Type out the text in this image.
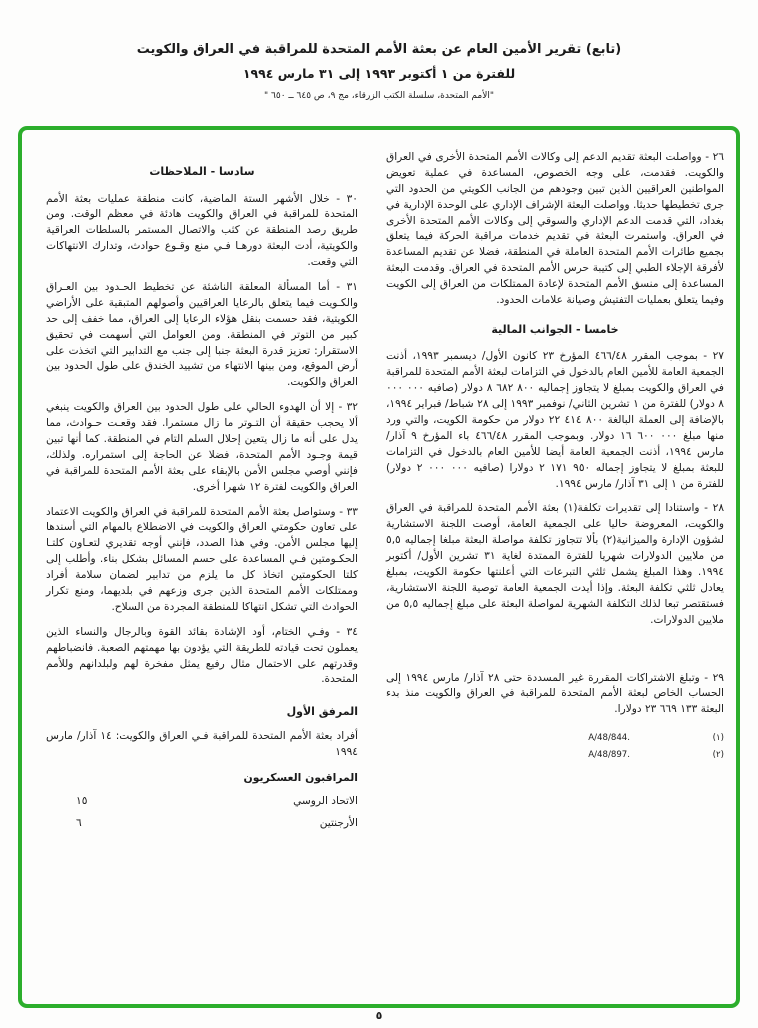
(تابع) تقرير الأمين العام عن بعثة الأمم المتحدة للمراقبة في العراق والكويت
للفترة من ١ أكتوبر ١٩٩٣ إلى ٣١ مارس ١٩٩٤
"الأمم المتحدة، سلسلة الكتب الزرقاء، مج ٩، ص ٦٤٥ ــ ٦٥٠ "

٢٦ - وواصلت البعثة تقديم الدعم إلى وكالات الأمم المتحدة الأخرى في العراق والكويت. فقدمت، على وجه الخصوص، المساعدة في عملية تعويض المواطنين العراقيين الذين تبين وجودهم من الجانب الكويتي من الحدود التي جرى تخطيطها حديثا. وواصلت البعثة الإشراف الإداري على الوحدة الإدارية في بغداد، التي قدمت الدعم الإداري والسوقي إلى وكالات الأمم المتحدة الأخرى في العراق. واستمرت البعثة في تقديم خدمات مراقبة الحركة فيما يتعلق بجميع طائرات الأمم المتحدة العاملة في المنطقة، فضلا عن تقديم المساعدة لأفرقة الإجلاء الطبي إلى كتيبة حرس الأمم المتحدة في العراق. وقدمت البعثة المساعدة إلى منسق الأمم المتحدة لإعادة الممتلكات من العراق إلى الكويت وفيما يتعلق بعمليات التفتيش وصيانة علامات الحدود.

خامسا - الجوانب المالية

٢٧ - بموجب المقرر ٤٦٦/٤٨ المؤرخ ٢٣ كانون الأول/ ديسمبر ١٩٩٣، أذنت الجمعية العامة للأمين العام بالدخول في التزامات لبعثة الأمم المتحدة للمراقبة في العراق والكويت بمبلغ لا يتجاوز إجماليه ٨٠٠ ٦٨٢ ٨ دولار (صافيه ٠٠٠ ٠٠٠ ٨ دولار) للفترة من ١ تشرين الثاني/ نوفمبر ١٩٩٣ إلى ٢٨ شباط/ فبراير ١٩٩٤، بالإضافة إلى العملة البالغة ٨٠٠ ٤١٤ ٢٢ دولار من حكومة الكويت، والتي ورد منها مبلغ ٠٠٠ ٦٠٠ ١٦ دولار. وبموجب المقرر ٤٦٦/٤٨ باء المؤرخ ٩ آذار/ مارس ١٩٩٤، أذنت الجمعية العامة أيضا للأمين العام بالدخول في التزامات للبعثة بمبلغ لا يتجاوز إجماله ٩٥٠ ١٧١ ٢ دولارا (صافيه ٠٠٠ ٠٠٠ ٢ دولار) للفترة من ١ إلى ٣١ آذار/ مارس ١٩٩٤.

٢٨ - واستنادا إلى تقديرات تكلفة(١) بعثة الأمم المتحدة للمراقبة في العراق والكويت، المعروضة حاليا على الجمعية العامة، أوصت اللجنة الاستشارية لشؤون الإدارة والميزانية(٢) بألا تتجاوز تكلفة مواصلة البعثة مبلغا إجماليه ٥,٥ من ملايين الدولارات شهريا للفترة الممتدة لغاية ٣١ تشرين الأول/ أكتوبر ١٩٩٤. وهذا المبلغ يشمل ثلثي التبرعات التي أعلنتها حكومة الكويت، بمبلغ يعادل ثلثي تكلفة البعثة. وإذا أيدت الجمعية العامة توصية اللجنة الاستشارية، فستقتصر تبعا لذلك التكلفة الشهرية لمواصلة البعثة على مبلغ إجماليه ٥,٥ من ملايين الدولارات.

٢٩ - وتبلغ الاشتراكات المقررة غير المسددة حتى ٢٨ آذار/ مارس ١٩٩٤ إلى الحساب الخاص لبعثة الأمم المتحدة للمراقبة في العراق والكويت منذ بدء البعثة ١٣٣ ٦٦٩ ٢٣ دولارا.

(١)
A/48/844.
(٢)
A/48/897.
سادسا - الملاحظات

٣٠ - خلال الأشهر الستة الماضية، كانت منطقة عمليات بعثة الأمم المتحدة للمراقبة في العراق والكويت هادئة في معظم الوقت. ومن طريق رصد المنطقة عن كثب والاتصال المستمر بالسلطات العراقية والكويتية، أدت البعثة دورهـا فـي منع وقـوع حوادث، وتدارك الانتهاكات التي وقعت.

٣١ - أما المسألة المعلقة الناشئة عن تخطيط الحـدود بين العـراق والكـويت فيما يتعلق بالرعايا العراقيين وأصولهم المتبقية على الأراضي الكويتية، فقد حسمت بنقل هؤلاء الرعايا إلى العراق، مما خفف إلى حد كبير من التوتر في المنطقة. ومن العوامل التي أسهمت في تحقيق الاستقرار: تعزيز قدرة البعثة جنبا إلى جنب مع التدابير التي اتخذت على أرض الموقع، ومن بينها الانتهاء من تشييد الخندق على طول الحدود بين العراق والكويت.

٣٢ - إلا أن الهدوء الحالي على طول الحدود بين العراق والكويت ينبغي ألا يحجب حقيقة أن التـوتر ما زال مستمرا. فقد وقعـت حـوادث، مما يدل على أنه ما زال يتعين إحلال السلم التام في المنطقة. كما أنها تبين قيمة وجـود الأمم المتحدة، فضلا عن الحاجة إلى استمراره. ولذلك، فإنني أوصي مجلس الأمن بالإبقاء على بعثة الأمم المتحدة للمراقبة في العراق والكويت لفترة ١٢ شهرا أخرى.

٣٣ - وستواصل بعثة الأمم المتحدة للمراقبة في العراق والكويت الاعتماد على تعاون حكومتي العراق والكويت في الاضطلاع بالمهام التي أسندها إليها مجلس الأمن. وفي هذا الصدد، فإنني أوجه تقديري لتعـاون كلتـا الحكـومتين فـي المساعدة على حسم المسائل بشكل بناء. وأطلب إلى كلتا الحكومتين اتخاذ كل ما يلزم من تدابير لضمان سلامة أفراد وممتلكات الأمم المتحدة الذين جرى وزعهم في بلديهما، ومنع تكرار الحوادث التي تشكل انتهاكا للمنطقة المجردة من السلاح.

٣٤ - وفـي الختام، أود الإشادة بقائد القوة وبالرجال والنساء الذين يعملون تحت قيادته للطريقة التي يؤدون بها مهمتهم الصعبة. فانضباطهم وقدرتهم على الاحتمال مثال رفيع يمثل مفخرة لهم ولبلدانهم وللأمم المتحدة.

المرفق الأول

أفراد بعثة الأمم المتحدة للمراقبة فـي العراق والكويت: ١٤ آذار/ مارس ١٩٩٤

المراقبون العسكريون
الاتحاد الروسي
١٥
الأرجنتين
٦
٥
